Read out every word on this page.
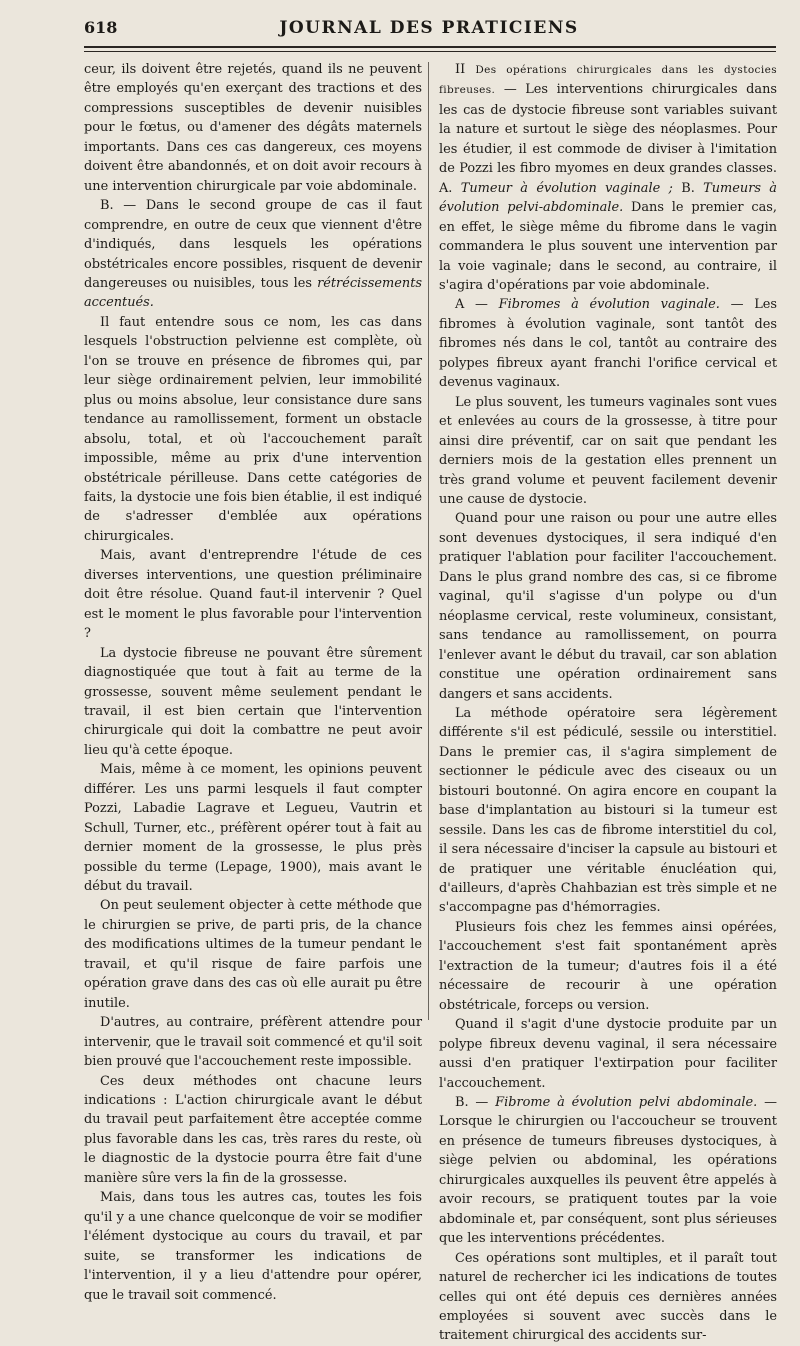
618	JOURNAL DES PRATICIENS

ceur, ils doivent être rejetés, quand ils ne peuvent être employés qu'en exerçant des tractions et des compressions susceptibles de devenir nuisibles pour le fœtus, ou d'amener des dégâts maternels importants. Dans ces cas dangereux, ces moyens doivent être abandonnés, et on doit avoir recours à une intervention chirurgicale par voie abdominale.

B. — Dans le second groupe de cas il faut comprendre, en outre de ceux que viennent d'être d'indiqués, dans lesquels les opérations obstétricales encore possibles, risquent de devenir dangereuses ou nuisibles, tous les rétrécissements accentués.

Il faut entendre sous ce nom, les cas dans lesquels l'obstruction pelvienne est complète, où l'on se trouve en présence de fibromes qui, par leur siège ordinairement pelvien, leur immobilité plus ou moins absolue, leur consistance dure sans tendance au ramollissement, forment un obstacle absolu, total, et où l'accouchement paraît impossible, même au prix d'une intervention obstétricale périlleuse. Dans cette catégories de faits, la dystocie une fois bien établie, il est indiqué de s'adresser d'emblée aux opérations chirurgicales.

Mais, avant d'entreprendre l'étude de ces diverses interventions, une question préliminaire doit être résolue. Quand faut-il intervenir ? Quel est le moment le plus favorable pour l'intervention ?

La dystocie fibreuse ne pouvant être sûrement diagnostiquée que tout à fait au terme de la grossesse, souvent même seulement pendant le travail, il est bien certain que l'intervention chirurgicale qui doit la combattre ne peut avoir lieu qu'à cette époque.

Mais, même à ce moment, les opinions peuvent différer. Les uns parmi lesquels il faut compter Pozzi, Labadie Lagrave et Legueu, Vautrin et Schull, Turner, etc., préfèrent opérer tout à fait au dernier moment de la grossesse, le plus près possible du terme (Lepage, 1900), mais avant le début du travail.

On peut seulement objecter à cette méthode que le chirurgien se prive, de parti pris, de la chance des modifications ultimes de la tumeur pendant le travail, et qu'il risque de faire parfois une opération grave dans des cas où elle aurait pu être inutile.

D'autres, au contraire, préfèrent attendre pour intervenir, que le travail soit commencé et qu'il soit bien prouvé que l'accouchement reste impossible.

Ces deux méthodes ont chacune leurs indications : L'action chirurgicale avant le début du travail peut parfaitement être acceptée comme plus favorable dans les cas, très rares du reste, où le diagnostic de la dystocie pourra être fait d'une manière sûre vers la fin de la grossesse.

Mais, dans tous les autres cas, toutes les fois qu'il y a une chance quelconque de voir se modifier l'élément dystocique au cours du travail, et par suite, se transformer les indications de l'intervention, il y a lieu d'attendre pour opérer, que le travail soit commencé.

II Des opérations chirurgicales dans les dystocies fibreuses. — Les interventions chirurgicales dans les cas de dystocie fibreuse sont variables suivant la nature et surtout le siège des néoplasmes. Pour les étudier, il est commode de diviser à l'imitation de Pozzi les fibro myomes en deux grandes classes. A. Tumeur à évolution vaginale ; B. Tumeurs à évolution pelvi-abdominale. Dans le premier cas, en effet, le siège même du fibrome dans le vagin commandera le plus souvent une intervention par la voie vaginale; dans le second, au contraire, il s'agira d'opérations par voie abdominale.

A — Fibromes à évolution vaginale. — Les fibromes à évolution vaginale, sont tantôt des fibromes nés dans le col, tantôt au contraire des polypes fibreux ayant franchi l'orifice cervical et devenus vaginaux.

Le plus souvent, les tumeurs vaginales sont vues et enlevées au cours de la grossesse, à titre pour ainsi dire préventif, car on sait que pendant les derniers mois de la gestation elles prennent un très grand volume et peuvent facilement devenir une cause de dystocie.

Quand pour une raison ou pour une autre elles sont devenues dystociques, il sera indiqué d'en pratiquer l'ablation pour faciliter l'accouchement. Dans le plus grand nombre des cas, si ce fibrome vaginal, qu'il s'agisse d'un polype ou d'un néoplasme cervical, reste volumineux, consistant, sans tendance au ramollissement, on pourra l'enlever avant le début du travail, car son ablation constitue une opération ordinairement sans dangers et sans accidents.

La méthode opératoire sera légèrement différente s'il est pédiculé, sessile ou interstitiel. Dans le premier cas, il s'agira simplement de sectionner le pédicule avec des ciseaux ou un bistouri boutonné. On agira encore en coupant la base d'implantation au bistouri si la tumeur est sessile. Dans les cas de fibrome interstitiel du col, il sera nécessaire d'inciser la capsule au bistouri et de pratiquer une véritable énucléation qui, d'ailleurs, d'après Chahbazian est très simple et ne s'accompagne pas d'hémorragies.

Plusieurs fois chez les femmes ainsi opérées, l'accouchement s'est fait spontanément après l'extraction de la tumeur; d'autres fois il a été nécessaire de recourir à une opération obstétricale, forceps ou version.

Quand il s'agit d'une dystocie produite par un polype fibreux devenu vaginal, il sera nécessaire aussi d'en pratiquer l'extirpation pour faciliter l'accouchement.

B. — Fibrome à évolution pelvi abdominale. — Lorsque le chirurgien ou l'accoucheur se trouvent en présence de tumeurs fibreuses dystociques, à siège pelvien ou abdominal, les opérations chirurgicales auxquelles ils peuvent être appelés à avoir recours, se pratiquent toutes par la voie abdominale et, par conséquent, sont plus sérieuses que les interventions précédentes.

Ces opérations sont multiples, et il paraît tout naturel de rechercher ici les indications de toutes celles qui ont été depuis ces dernières années employées si souvent avec succès dans le traitement chirurgical des accidents sur-
